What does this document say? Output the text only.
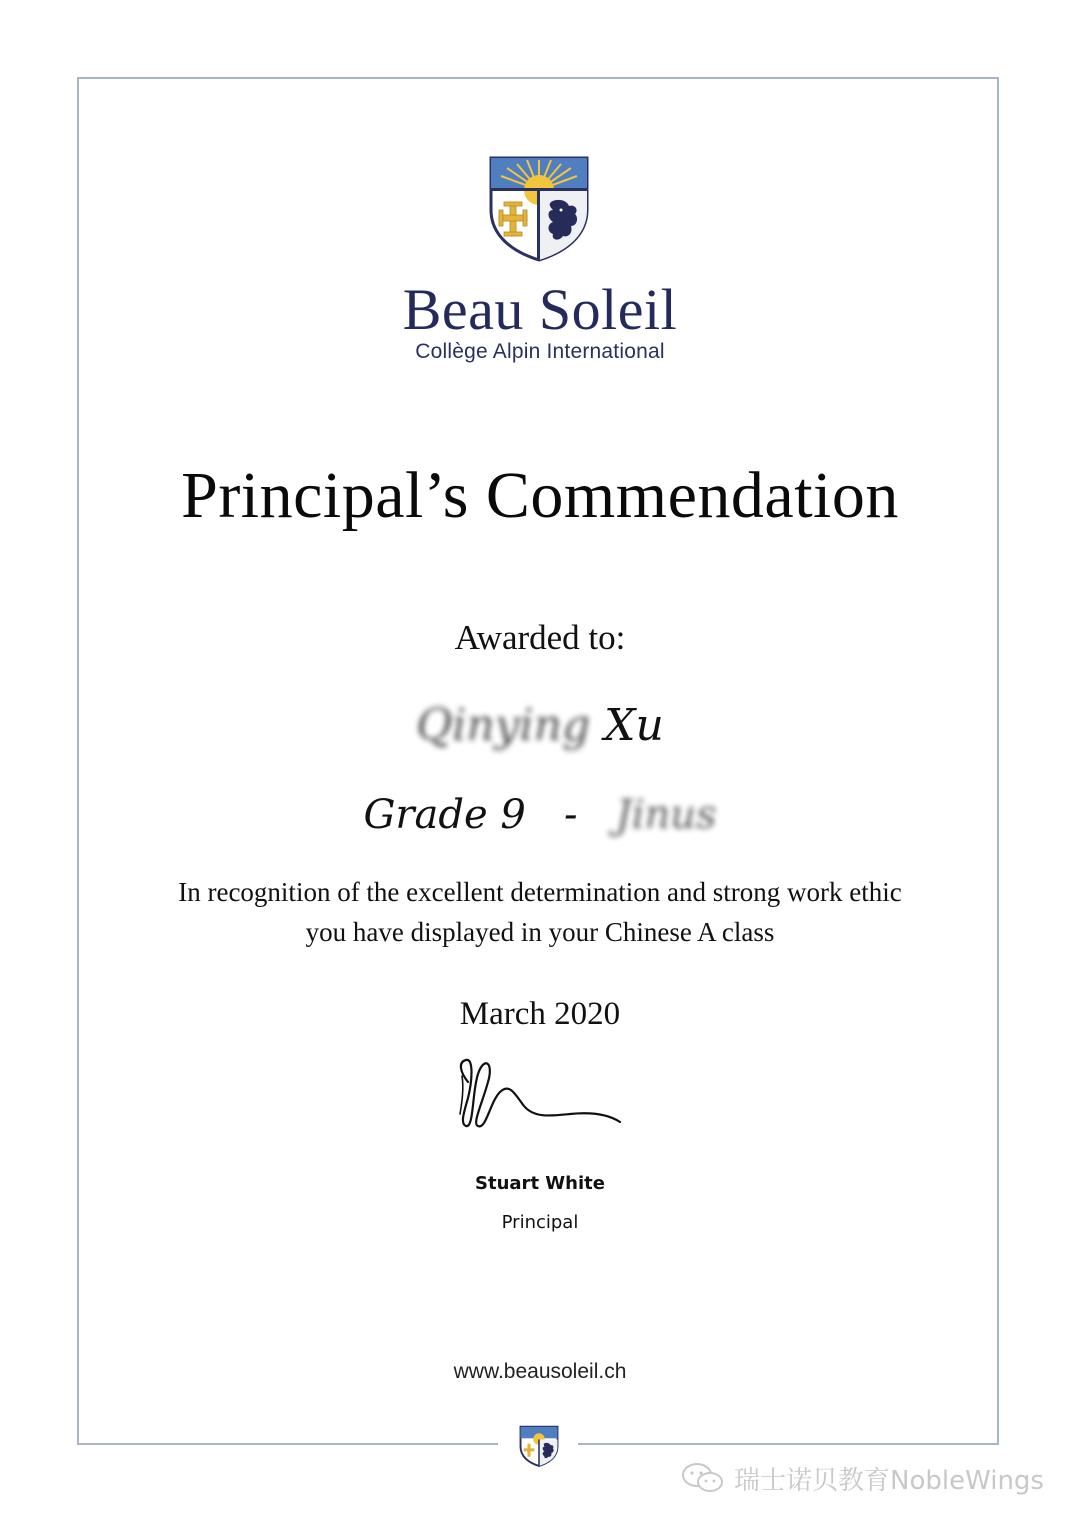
Beau Soleil
Collège Alpin International
Principal’s Commendation
Awarded to:
Qinying Xu
Grade 9 - Jinus
In recognition of the excellent determination and strong work ethic
you have displayed in your Chinese A class
March 2020
Stuart White
Principal
www.beausoleil.ch
瑞士诺贝教育NobleWings
